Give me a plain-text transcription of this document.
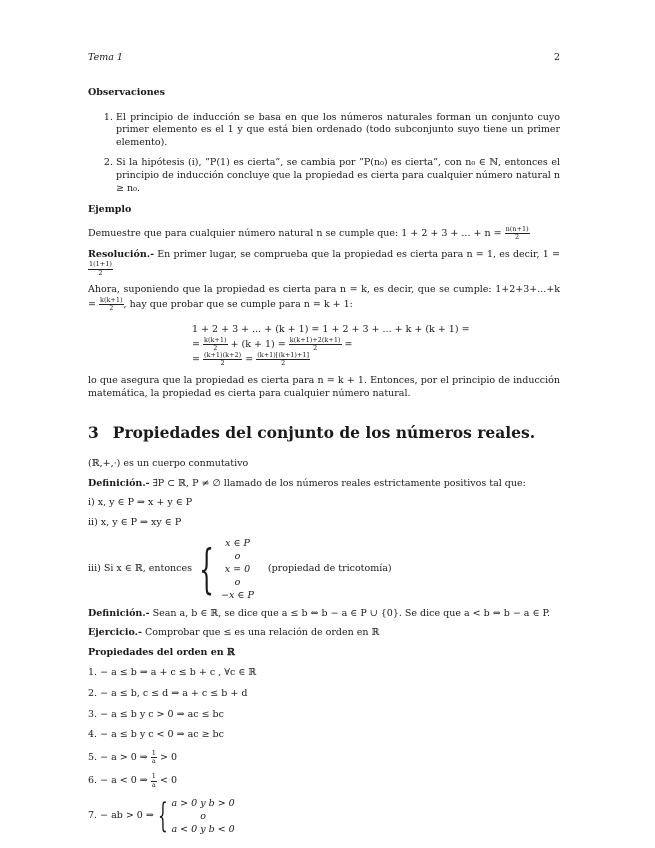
Tema 1	2
Observaciones
1. El principio de inducción se basa en que los números naturales forman un conjunto cuyo primer elemento es el 1 y que está bien ordenado (todo subconjunto suyo tiene un primer elemento).
2. Si la hipótesis (i), ”P(1) es cierta”, se cambia por ”P(n₀) es cierta”, con n₀ ∈ ℕ, entonces el principio de inducción concluye que la propiedad es cierta para cualquier número natural n ≥ n₀.
Ejemplo

Demuestre que para cualquier número natural n se cumple que: 1 + 2 + 3 + ... + $n = \frac{n(n+1)}{2}$

Resolución.- En primer lugar, se comprueba que la propiedad es cierta para n = 1, es decir, 1 =
$\frac{1(1+1)}{2}$

Ahora, suponiendo que la propiedad es cierta para n = k, es decir, que se cumple: $1+2+3+...+k = \frac{k(k+1)}{2}$ , hay que probar que se cumple para n = k + 1:

1 + 2 + 3 + ... + (k + 1) = 1 + 2 + 3 + ... + k + (k + 1) =
= $\frac{k(k+1)}{2} + (k + 1) = \frac{k(k+1)+2(k+1)}{2}$ =
= $\frac{(k+1)(k+2)}{2} = \frac{(k+1)[(k+1)+1]}{2}$

lo que asegura que la propiedad es cierta para n = k + 1. Entonces, por el principio de inducción matemática, la propiedad es cierta para cualquier número natural.

3 Propiedades del conjunto de los números reales.

(ℝ,+,·) es un cuerpo conmutativo

Definición.- ∃P ⊂ ℝ, P ≠ ∅ llamado de los números reales estrictamente positivos tal que:

i) x, y ∈ P ⇒ x + y ∈ P

ii) x, y ∈ P ⇒ xy ∈ P

iii) Si x ∈ ℝ, entonces { x ∈ P
o
x = 0
o
−x ∈ P
(propiedad de tricotomía)

Definición.- Sean a, b ∈ ℝ, se dice que a ≤ b ⇔ b − a ∈ P ∪ {0}. Se dice que a < b ⇔ b − a ∈ P.

Ejercicio.- Comprobar que ≤ es una relación de orden en ℝ

Propiedades del orden en ℝ

1. − a ≤ b ⇒ a + c ≤ b + c , ∀c ∈ ℝ
2. − a ≤ b, c ≤ d ⇒ a + c ≤ b + d
3. − a ≤ b y c > 0 ⇒ ac ≤ bc
4. − a ≤ b y c < 0 ⇒ ac ≥ bc
5. − a > 0 ⇒ $\frac{1}{a} > 0$
6. − a < 0 ⇒ $\frac{1}{a} < 0$
7. − ab > 0 ⇒ { a > 0 y b > 0
o
a < 0 y b < 0
